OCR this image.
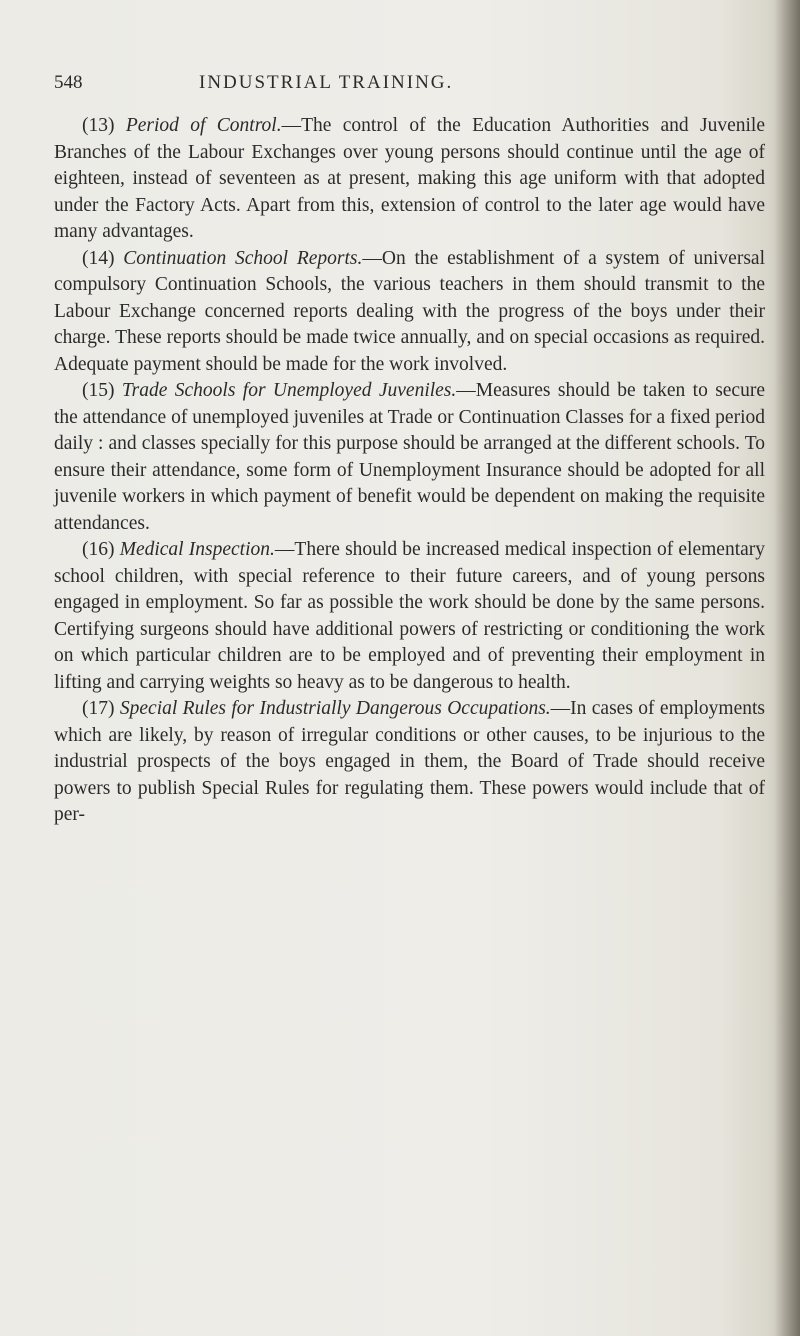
548	INDUSTRIAL TRAINING.

(13) Period of Control.—The control of the Education Authorities and Juvenile Branches of the Labour Exchanges over young persons should continue until the age of eighteen, instead of seventeen as at present, making this age uniform with that adopted under the Factory Acts. Apart from this, extension of control to the later age would have many advantages.

(14) Continuation School Reports.—On the establishment of a system of universal compulsory Continuation Schools, the various teachers in them should transmit to the Labour Exchange concerned reports dealing with the progress of the boys under their charge. These reports should be made twice annually, and on special occasions as required. Adequate payment should be made for the work involved.

(15) Trade Schools for Unemployed Juveniles.—Measures should be taken to secure the attendance of unemployed juveniles at Trade or Continuation Classes for a fixed period daily : and classes specially for this purpose should be arranged at the different schools. To ensure their attendance, some form of Unemployment Insurance should be adopted for all juvenile workers in which payment of benefit would be dependent on making the requisite attendances.

(16) Medical Inspection.—There should be increased medical inspection of elementary school children, with special reference to their future careers, and of young persons engaged in employment. So far as possible the work should be done by the same persons. Certifying surgeons should have additional powers of restricting or conditioning the work on which particular children are to be employed and of preventing their employment in lifting and carrying weights so heavy as to be dangerous to health.

(17) Special Rules for Industrially Dangerous Occupations.—In cases of employments which are likely, by reason of irregular conditions or other causes, to be injurious to the industrial prospects of the boys engaged in them, the Board of Trade should receive powers to publish Special Rules for regulating them. These powers would include that of per-
